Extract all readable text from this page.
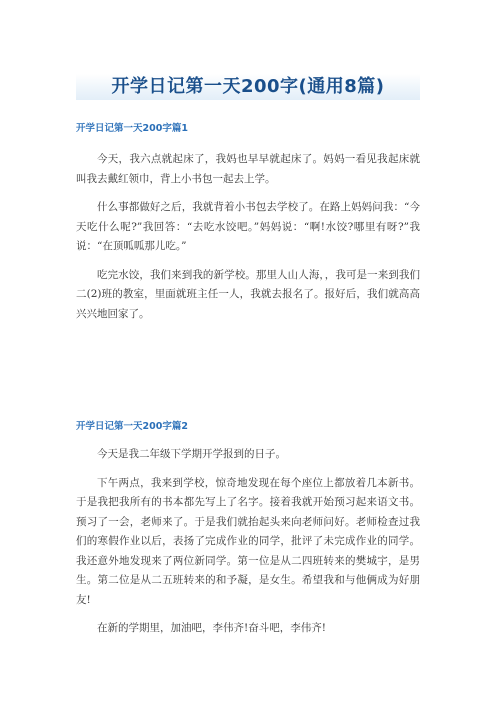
开学日记第一天200字(通用8篇)
开学日记第一天200字篇1

今天，我六点就起床了，我妈也早早就起床了。妈妈一看见我起床就叫我去戴红领巾，背上小书包一起去上学。

什么事都做好之后，我就背着小书包去学校了。在路上妈妈问我：“今天吃什么呢?”我回答：“去吃水饺吧。”妈妈说：“啊!水饺?哪里有呀?”我说：“在顶呱呱那儿吃。”

吃完水饺，我们来到我的新学校。那里人山人海，，我可是一来到我们二(2)班的教室，里面就班主任一人，我就去报名了。报好后，我们就高高兴兴地回家了。

开学日记第一天200字篇2

今天是我二年级下学期开学报到的日子。

下午两点，我来到学校，惊奇地发现在每个座位上都放着几本新书。于是我把我所有的书本都先写上了名字。接着我就开始预习起来语文书。预习了一会，老师来了。于是我们就抬起头来向老师问好。老师检查过我们的寒假作业以后，表扬了完成作业的同学，批评了未完成作业的同学。我还意外地发现来了两位新同学。第一位是从二四班转来的樊城宇，是男生。第二位是从二五班转来的和予凝，是女生。希望我和与他俩成为好朋友!

在新的学期里，加油吧，李伟齐!奋斗吧，李伟齐!
